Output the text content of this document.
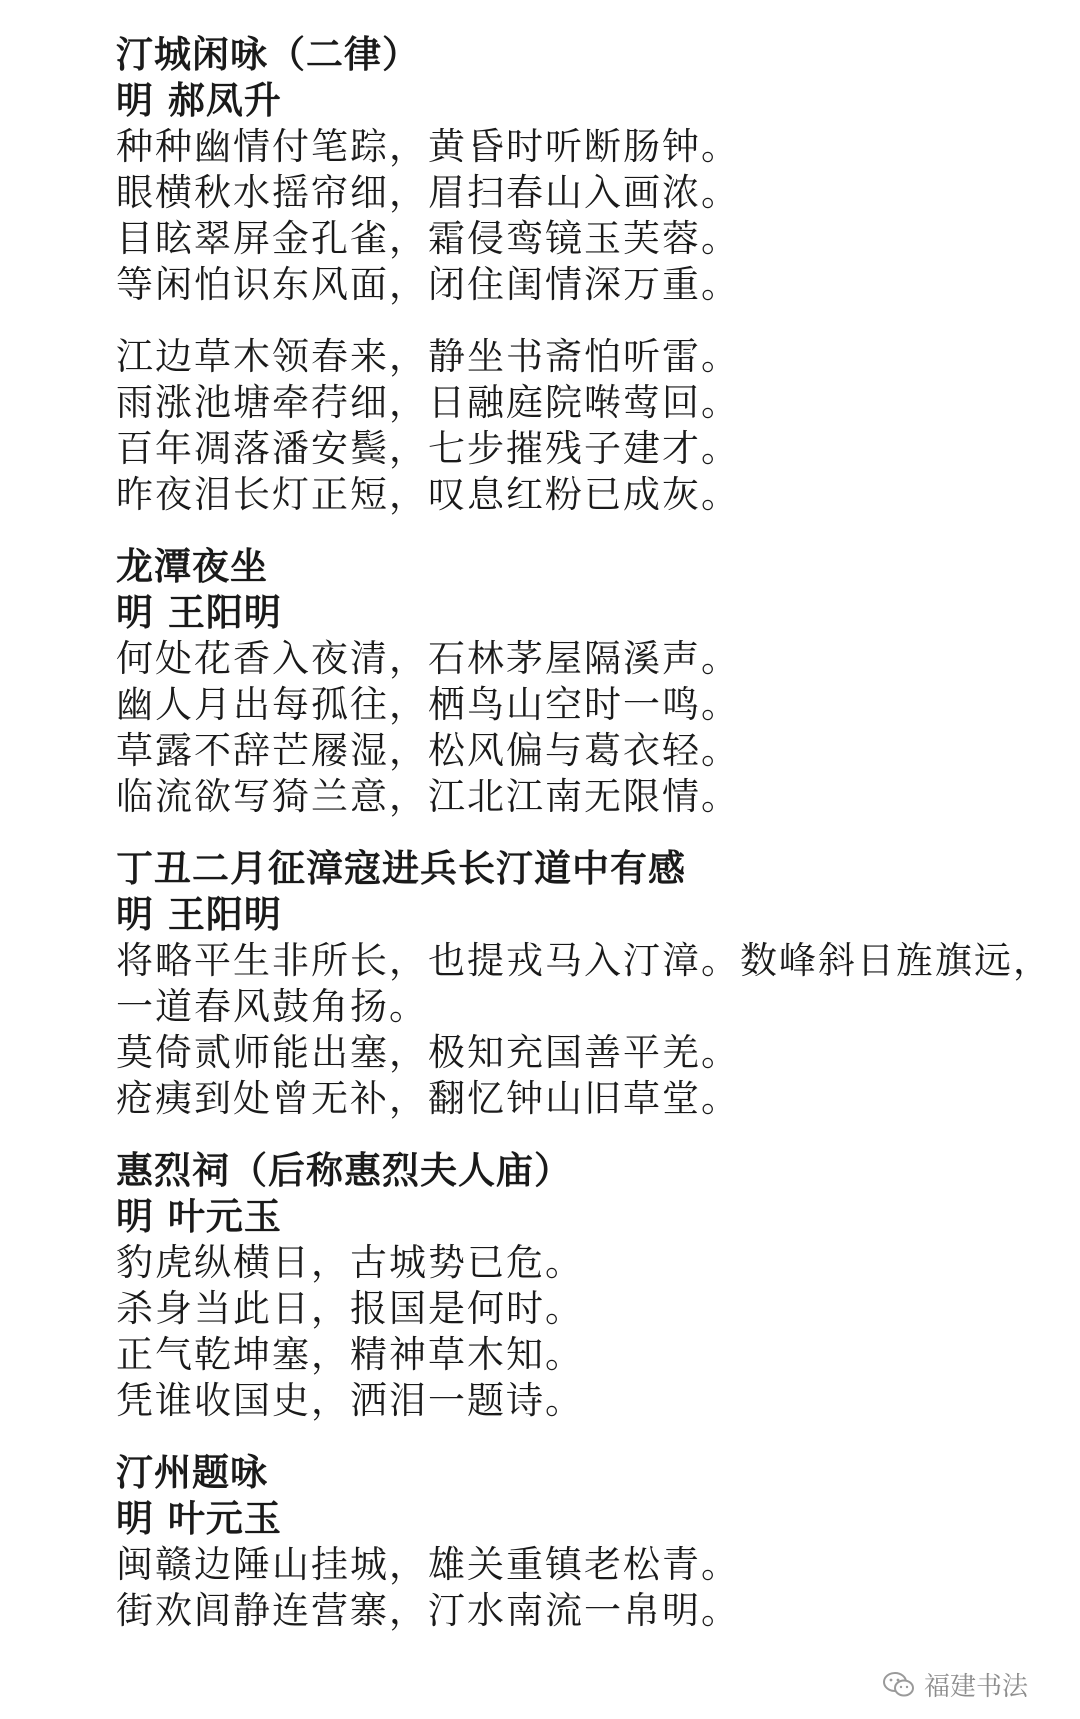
汀城闲咏（二律）
明 郝凤升
种种幽情付笔踪，黄昏时听断肠钟。
眼横秋水摇帘细，眉扫春山入画浓。
目眩翠屏金孔雀，霜侵鸾镜玉芙蓉。
等闲怕识东风面，闭住闺情深万重。
江边草木领春来，静坐书斋怕听雷。
雨涨池塘牵荇细，日融庭院啭莺回。
百年凋落潘安鬓，七步摧残子建才。
昨夜泪长灯正短，叹息红粉已成灰。
龙潭夜坐
明 王阳明
何处花香入夜清，石林茅屋隔溪声。
幽人月出每孤往，栖鸟山空时一鸣。
草露不辞芒屦湿，松风偏与葛衣轻。
临流欲写猗兰意，江北江南无限情。
丁丑二月征漳寇进兵长汀道中有感
明 王阳明
将略平生非所长，也提戎马入汀漳。数峰斜日旌旗远，一道春风鼓角扬。
莫倚贰师能出塞，极知充国善平羌。
疮痍到处曾无补，翻忆钟山旧草堂。
惠烈祠（后称惠烈夫人庙）
明 叶元玉
豹虎纵横日，古城势已危。
杀身当此日，报国是何时。
正气乾坤塞，精神草木知。
凭谁收国史，洒泪一题诗。
汀州题咏
明 叶元玉
闽赣边陲山挂城，雄关重镇老松青。
街欢闾静连营寨，汀水南流一帛明。
福建书法
